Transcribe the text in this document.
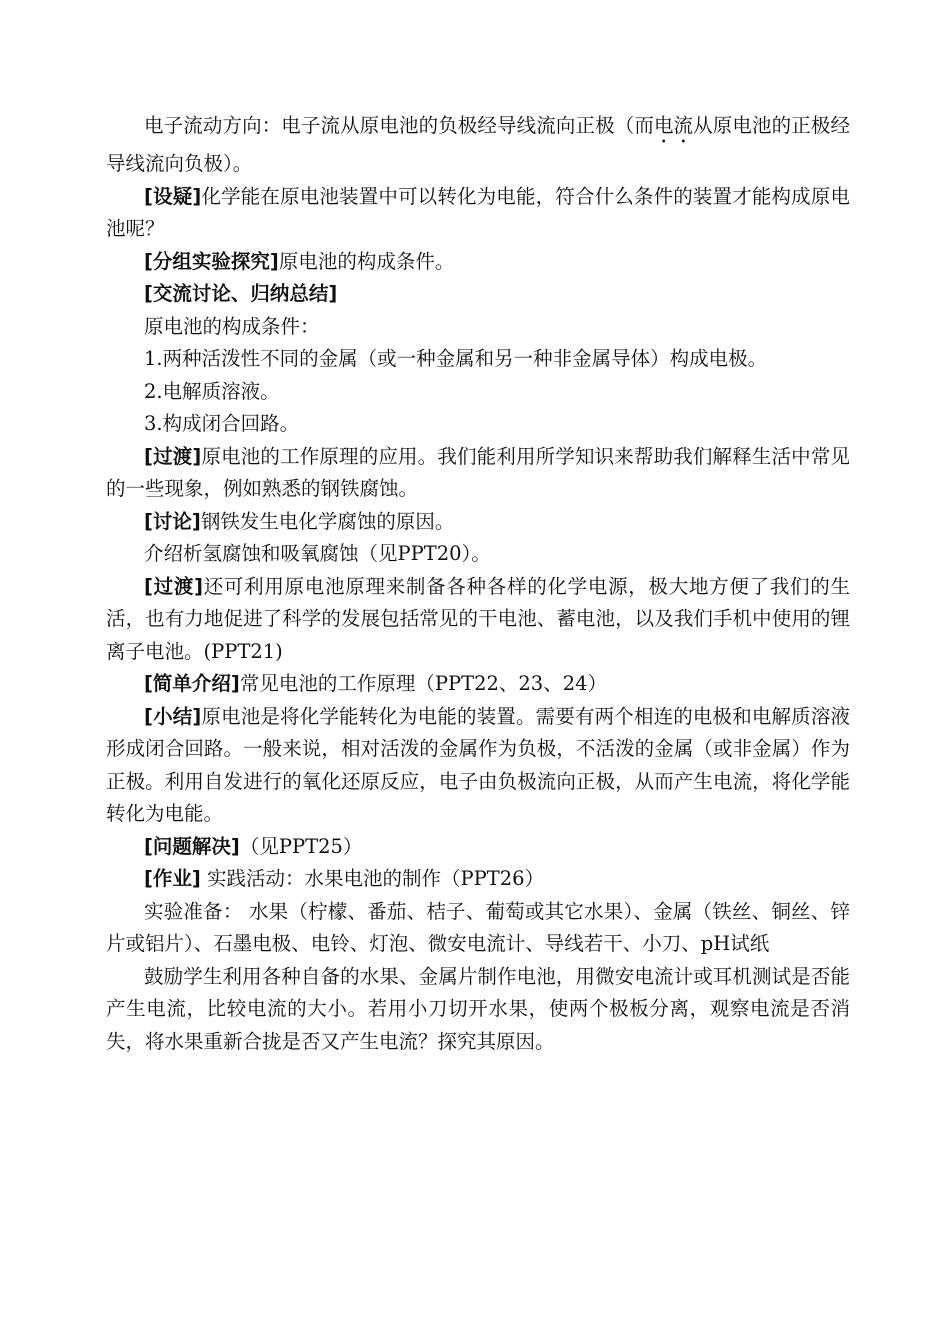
电子流动方向：电子流从原电池的负极经导线流向正极（而电流从原电池的正极经导线流向负极）。

[设疑]化学能在原电池装置中可以转化为电能，符合什么条件的装置才能构成原电池呢？

[分组实验探究]原电池的构成条件。

[交流讨论、归纳总结]

原电池的构成条件：

1.两种活泼性不同的金属（或一种金属和另一种非金属导体）构成电极。

2.电解质溶液。

3.构成闭合回路。

[过渡]原电池的工作原理的应用。我们能利用所学知识来帮助我们解释生活中常见的一些现象，例如熟悉的钢铁腐蚀。

[讨论]钢铁发生电化学腐蚀的原因。

介绍析氢腐蚀和吸氧腐蚀（见PPT20）。

[过渡]还可利用原电池原理来制备各种各样的化学电源，极大地方便了我们的生活，也有力地促进了科学的发展包括常见的干电池、蓄电池，以及我们手机中使用的锂离子电池。(PPT21)

[简单介绍]常见电池的工作原理（PPT22、23、24）

[小结]原电池是将化学能转化为电能的装置。需要有两个相连的电极和电解质溶液形成闭合回路。一般来说，相对活泼的金属作为负极，不活泼的金属（或非金属）作为正极。利用自发进行的氧化还原反应，电子由负极流向正极，从而产生电流，将化学能转化为电能。

[问题解决]（见PPT25）

[作业] 实践活动：水果电池的制作（PPT26）

实验准备： 水果（柠檬、番茄、桔子、葡萄或其它水果）、金属（铁丝、铜丝、锌片或铝片）、石墨电极、电铃、灯泡、微安电流计、导线若干、小刀、pH试纸

鼓励学生利用各种自备的水果、金属片制作电池，用微安电流计或耳机测试是否能产生电流，比较电流的大小。若用小刀切开水果，使两个极板分离，观察电流是否消失，将水果重新合拢是否又产生电流？探究其原因。
